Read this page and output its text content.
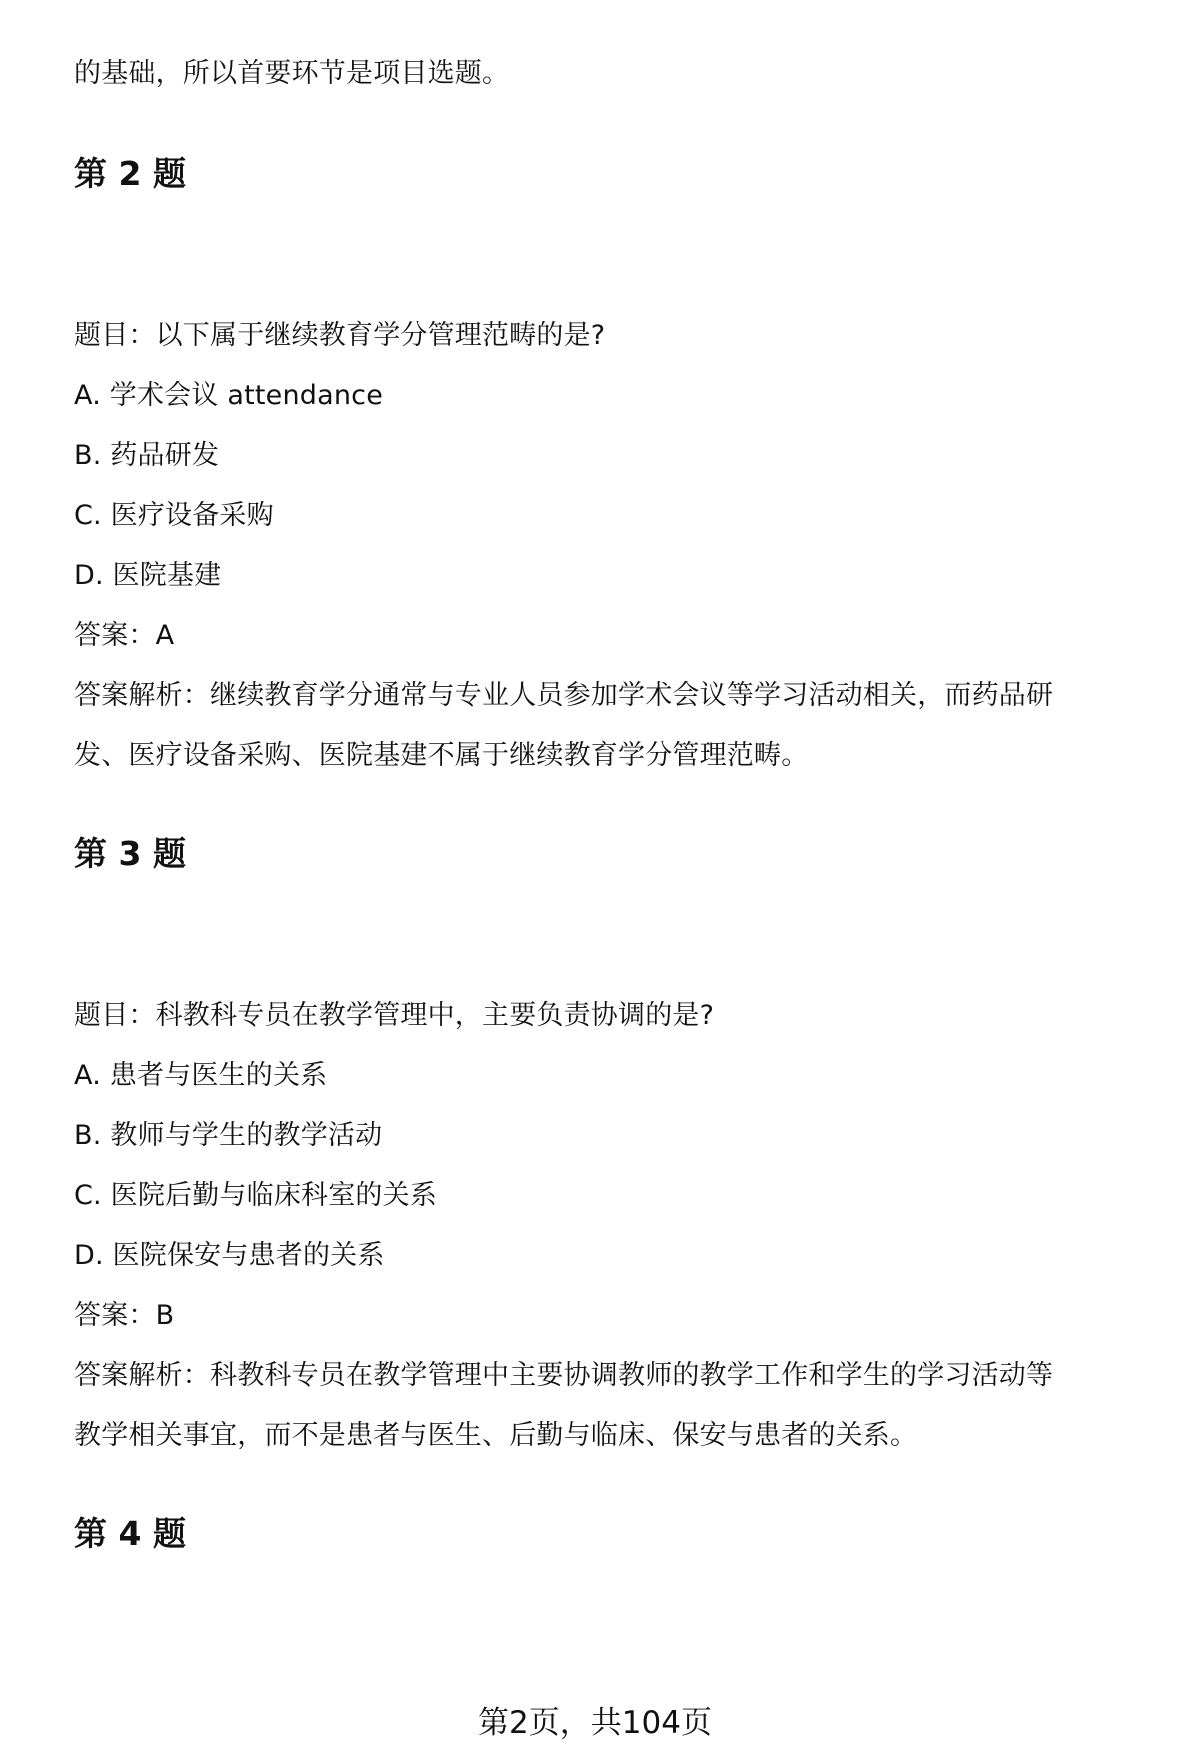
的基础，所以首要环节是项目选题。
第 2 题
题目：以下属于继续教育学分管理范畴的是?
A. 学术会议 attendance
B. 药品研发
C. 医疗设备采购
D. 医院基建
答案：A
答案解析：继续教育学分通常与专业人员参加学术会议等学习活动相关，而药品研
发、医疗设备采购、医院基建不属于继续教育学分管理范畴。
第 3 题
题目：科教科专员在教学管理中，主要负责协调的是?
A. 患者与医生的关系
B. 教师与学生的教学活动
C. 医院后勤与临床科室的关系
D. 医院保安与患者的关系
答案：B
答案解析：科教科专员在教学管理中主要协调教师的教学工作和学生的学习活动等
教学相关事宜，而不是患者与医生、后勤与临床、保安与患者的关系。
第 4 题
第2页，共104页
